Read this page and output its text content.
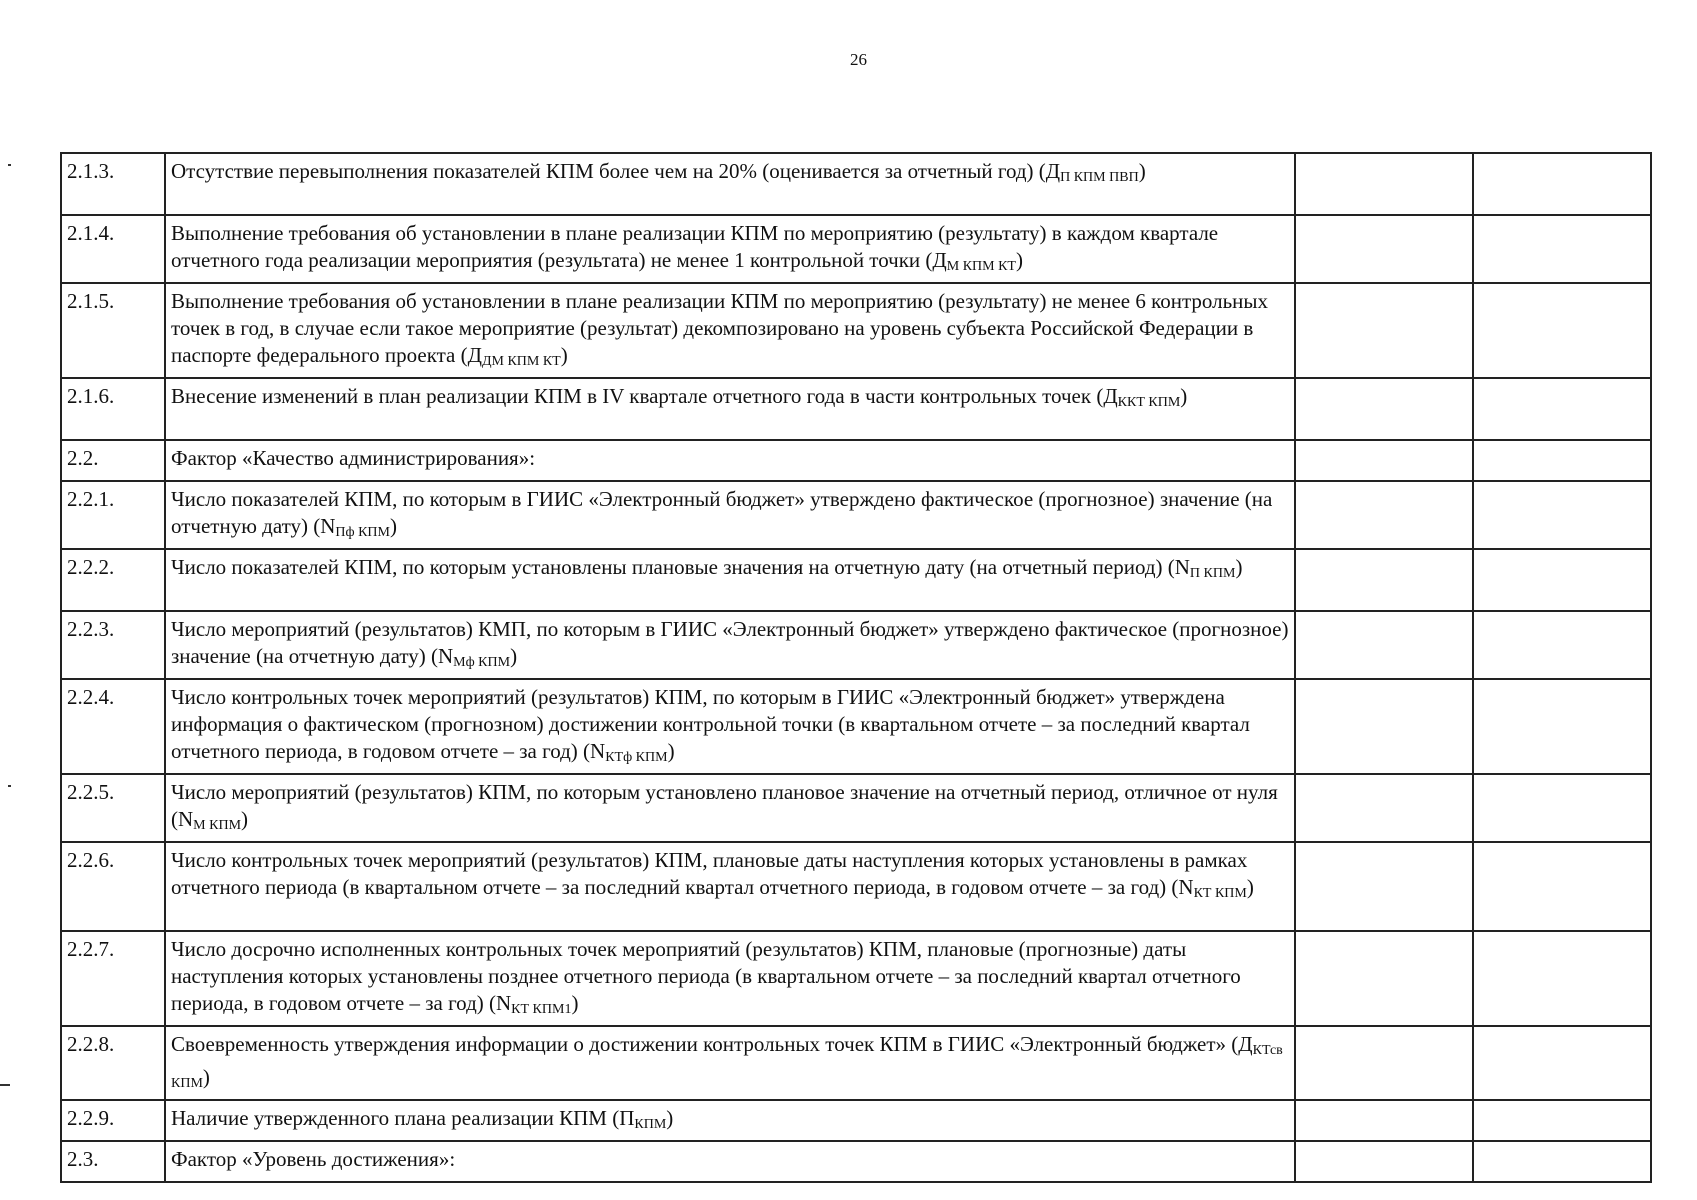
26
2.1.3.	Отсутствие перевыполнения показателей КПМ более чем на 20% (оценивается за отчетный год) $(Д_{П КПМ ПВП})$		
2.1.4.	Выполнение требования об установлении в плане реализации КПМ по мероприятию (результату) в каждом квартале отчетного года реализации мероприятия (результата) не менее 1 контрольной точки $(Д_{М КПМ КТ})$		
2.1.5.	Выполнение требования об установлении в плане реализации КПМ по мероприятию (результату) не менее 6 контрольных точек в год, в случае если такое мероприятие (результат) декомпозировано на уровень субъекта Российской Федерации в паспорте федерального проекта $(Д_{ДМ КПМ КТ})$		
2.1.6.	Внесение изменений в план реализации КПМ в IV квартале отчетного года в части контрольных точек $(Д_{ККТ КПМ})$		
2.2.	Фактор «Качество администрирования»:		
2.2.1.	Число показателей КПМ, по которым в ГИИС «Электронный бюджет» утверждено фактическое (прогнозное) значение (на отчетную дату) $(N_{Пф КПМ})$		
2.2.2.	Число показателей КПМ, по которым установлены плановые значения на отчетную дату (на отчетный период) $(N_{П КПМ})$		
2.2.3.	Число мероприятий (результатов) КМП, по которым в ГИИС «Электронный бюджет» утверждено фактическое (прогнозное) значение (на отчетную дату) $(N_{Мф КПМ})$		
2.2.4.	Число контрольных точек мероприятий (результатов) КПМ, по которым в ГИИС «Электронный бюджет» утверждена информация о фактическом (прогнозном) достижении контрольной точки (в квартальном отчете – за последний квартал отчетного периода, в годовом отчете – за год) $(N_{КТф КПМ})$		
2.2.5.	Число мероприятий (результатов) КПМ, по которым установлено плановое значение на отчетный период, отличное от нуля $(N_{М КПМ})$		
2.2.6.	Число контрольных точек мероприятий (результатов) КПМ, плановые даты наступления которых установлены в рамках отчетного периода (в квартальном отчете – за последний квартал отчетного периода, в годовом отчете – за год) $(N_{КТ КПМ})$		
2.2.7.	Число досрочно исполненных контрольных точек мероприятий (результатов) КПМ, плановые (прогнозные) даты наступления которых установлены позднее отчетного периода (в квартальном отчете – за последний квартал отчетного периода, в годовом отчете – за год) $(N_{КТ КПМ1})$		
2.2.8.	Своевременность утверждения информации о достижении контрольных точек КПМ в ГИИС «Электронный бюджет» $(Д_{КТсв КПМ})$		
2.2.9.	Наличие утвержденного плана реализации КПМ $(П_{КПМ})$		
2.3.	Фактор «Уровень достижения»:		
